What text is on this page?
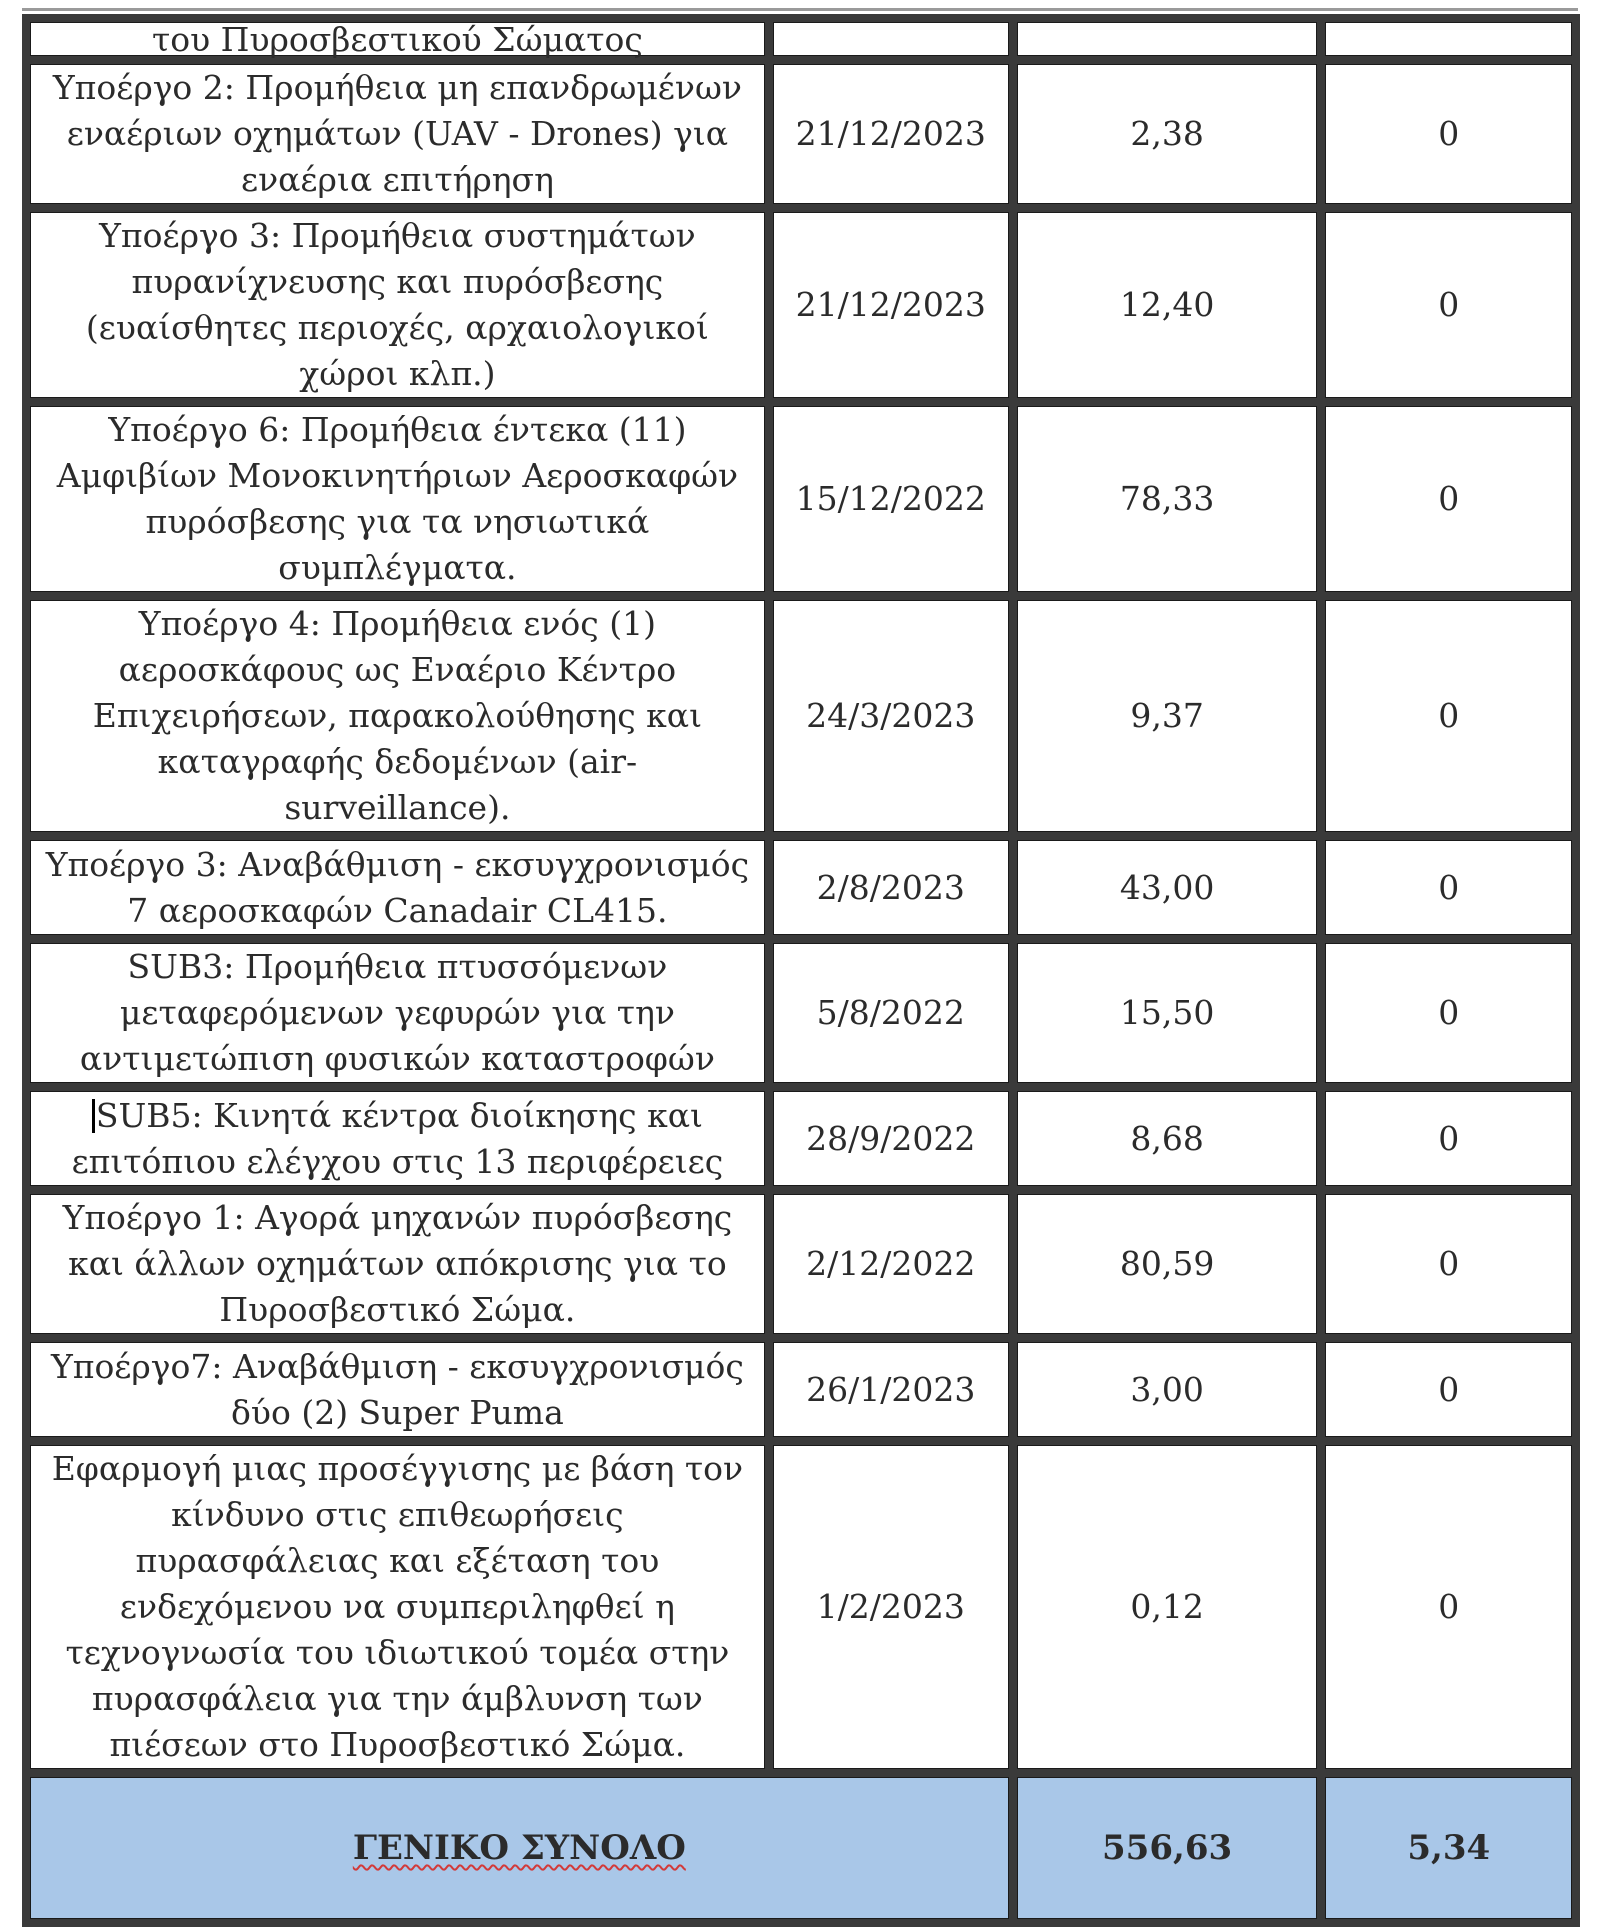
του Πυροσβεστικού Σώματος			
Υποέργο 2: Προμήθεια μη επανδρωμένων εναέριων οχημάτων (UAV - Drones) για εναέρια επιτήρηση	21/12/2023	2,38	0
Υποέργο 3: Προμήθεια συστημάτων πυρανίχνευσης και πυρόσβεσης (ευαίσθητες περιοχές, αρχαιολογικοί χώροι κλπ.)	21/12/2023	12,40	0
Υποέργο 6: Προμήθεια έντεκα (11) Αμφιβίων Μονοκινητήριων Αεροσκαφών πυρόσβεσης για τα νησιωτικά συμπλέγματα.	15/12/2022	78,33	0
Υποέργο 4: Προμήθεια ενός (1) αεροσκάφους ως Εναέριο Κέντρο Επιχειρήσεων, παρακολούθησης και καταγραφής δεδομένων (air-surveillance).	24/3/2023	9,37	0
Υποέργο 3: Αναβάθμιση - εκσυγχρονισμός 7 αεροσκαφών Canadair CL415.	2/8/2023	43,00	0
SUB3: Προμήθεια πτυσσόμενων μεταφερόμενων γεφυρών για την αντιμετώπιση φυσικών καταστροφών	5/8/2022	15,50	0
SUB5: Κινητά κέντρα διοίκησης και επιτόπιου ελέγχου στις 13 περιφέρειες	28/9/2022	8,68	0
Υποέργο 1: Αγορά μηχανών πυρόσβεσης και άλλων οχημάτων απόκρισης για το Πυροσβεστικό Σώμα.	2/12/2022	80,59	0
Υποέργο7: Αναβάθμιση - εκσυγχρονισμός δύο (2) Super Puma	26/1/2023	3,00	0
Εφαρμογή μιας προσέγγισης με βάση τον κίνδυνο στις επιθεωρήσεις πυρασφάλειας και εξέταση του ενδεχόμενου να συμπεριληφθεί η τεχνογνωσία του ιδιωτικού τομέα στην πυρασφάλεια για την άμβλυνση των πιέσεων στο Πυροσβεστικό Σώμα.	1/2/2023	0,12	0
ΓΕΝΙΚΟ ΣΥΝΟΛΟ		556,63	5,34
